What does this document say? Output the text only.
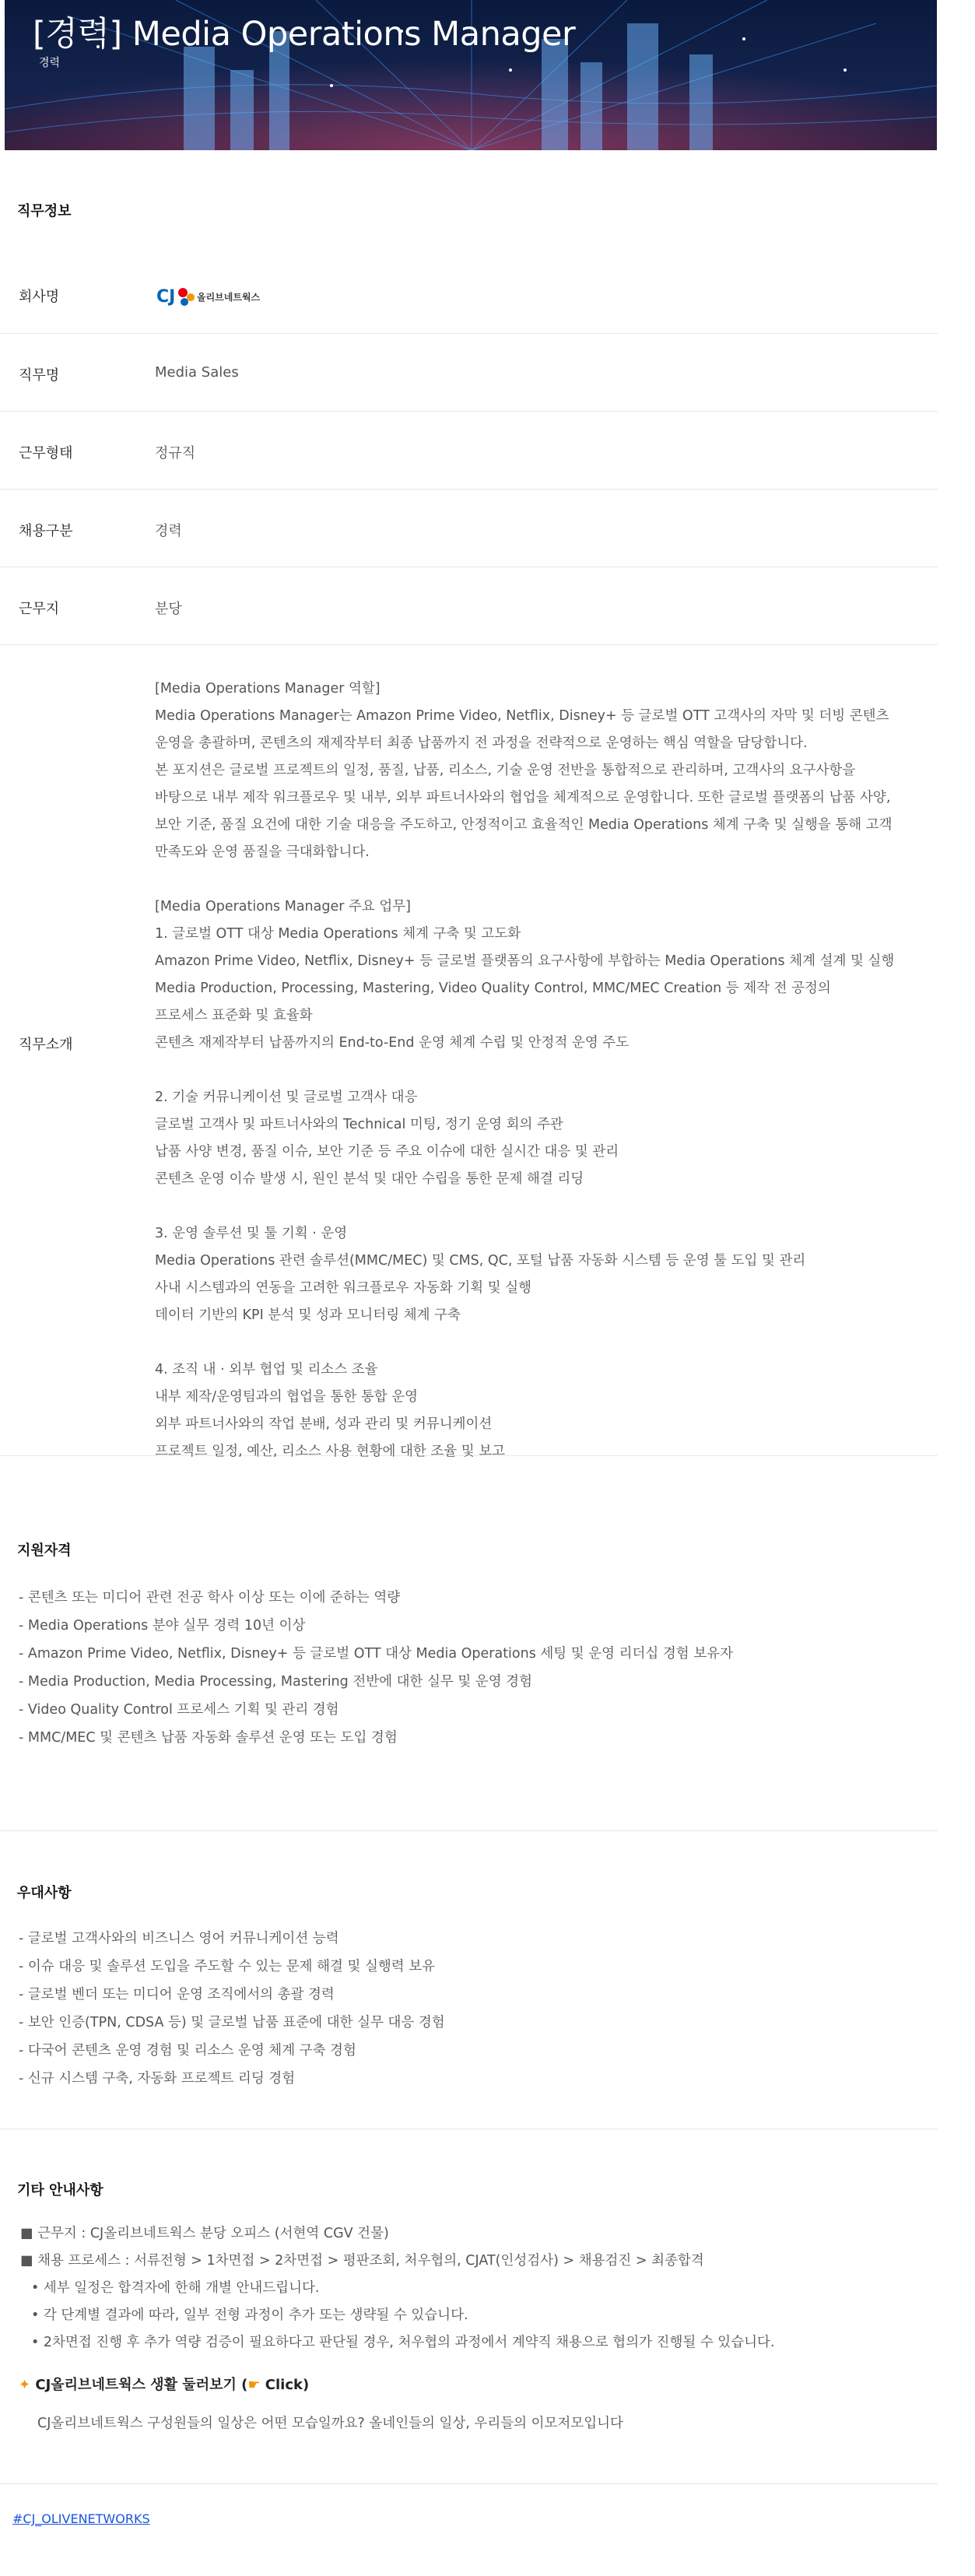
[경력] Media Operations Manager
경력
직무정보
회사명	CJ 올리브네트웍스
직무명	Media Sales
근무형태	정규직
채용구분	경력
근무지	분당
직무소개

[Media Operations Manager 역할]

Media Operations Manager는 Amazon Prime Video, Netflix, Disney+ 등 글로벌 OTT 고객사의 자막 및 더빙 콘텐츠

운영을 총괄하며, 콘텐츠의 재제작부터 최종 납품까지 전 과정을 전략적으로 운영하는 핵심 역할을 담당합니다.

본 포지션은 글로벌 프로젝트의 일정, 품질, 납품, 리소스, 기술 운영 전반을 통합적으로 관리하며, 고객사의 요구사항을

바탕으로 내부 제작 워크플로우 및 내부, 외부 파트너사와의 협업을 체계적으로 운영합니다. 또한 글로벌 플랫폼의 납품 사양,

보안 기준, 품질 요건에 대한 기술 대응을 주도하고, 안정적이고 효율적인 Media Operations 체계 구축 및 실행을 통해 고객

만족도와 운영 품질을 극대화합니다.

[Media Operations Manager 주요 업무]

1. 글로벌 OTT 대상 Media Operations 체계 구축 및 고도화

Amazon Prime Video, Netflix, Disney+ 등 글로벌 플랫폼의 요구사항에 부합하는 Media Operations 체계 설계 및 실행

Media Production, Processing, Mastering, Video Quality Control, MMC/MEC Creation 등 제작 전 공정의

프로세스 표준화 및 효율화

콘텐츠 재제작부터 납품까지의 End-to-End 운영 체계 수립 및 안정적 운영 주도

2. 기술 커뮤니케이션 및 글로벌 고객사 대응

글로벌 고객사 및 파트너사와의 Technical 미팅, 정기 운영 회의 주관

납품 사양 변경, 품질 이슈, 보안 기준 등 주요 이슈에 대한 실시간 대응 및 관리

콘텐츠 운영 이슈 발생 시, 원인 분석 및 대안 수립을 통한 문제 해결 리딩

3. 운영 솔루션 및 툴 기획 · 운영

Media Operations 관련 솔루션(MMC/MEC) 및 CMS, QC, 포털 납품 자동화 시스템 등 운영 툴 도입 및 관리

사내 시스템과의 연동을 고려한 워크플로우 자동화 기획 및 실행

데이터 기반의 KPI 분석 및 성과 모니터링 체계 구축

4. 조직 내 · 외부 협업 및 리소스 조율

내부 제작/운영팀과의 협업을 통한 통합 운영

외부 파트너사와의 작업 분배, 성과 관리 및 커뮤니케이션

프로젝트 일정, 예산, 리소스 사용 현황에 대한 조율 및 보고

지원자격

- 콘텐츠 또는 미디어 관련 전공 학사 이상 또는 이에 준하는 역량

- Media Operations 분야 실무 경력 10년 이상

- Amazon Prime Video, Netflix, Disney+ 등 글로벌 OTT 대상 Media Operations 세팅 및 운영 리더십 경험 보유자

- Media Production, Media Processing, Mastering 전반에 대한 실무 및 운영 경험

- Video Quality Control 프로세스 기획 및 관리 경험

- MMC/MEC 및 콘텐츠 납품 자동화 솔루션 운영 또는 도입 경험

우대사항

- 글로벌 고객사와의 비즈니스 영어 커뮤니케이션 능력

- 이슈 대응 및 솔루션 도입을 주도할 수 있는 문제 해결 및 실행력 보유

- 글로벌 벤더 또는 미디어 운영 조직에서의 총괄 경력

- 보안 인증(TPN, CDSA 등) 및 글로벌 납품 표준에 대한 실무 대응 경험

- 다국어 콘텐츠 운영 경험 및 리소스 운영 체계 구축 경험

- 신규 시스템 구축, 자동화 프로젝트 리딩 경험

기타 안내사항

■ 근무지 : CJ올리브네트웍스 분당 오피스 (서현역 CGV 건물)

■ 채용 프로세스 : 서류전형 > 1차면접 > 2차면접 > 평판조회, 처우협의, CJAT(인성검사) > 채용검진 > 최종합격

• 세부 일정은 합격자에 한해 개별 안내드립니다.

• 각 단계별 결과에 따라, 일부 전형 과정이 추가 또는 생략될 수 있습니다.

• 2차면접 진행 후 추가 역량 검증이 필요하다고 판단될 경우, 처우협의 과정에서 계약직 채용으로 협의가 진행될 수 있습니다.

✦ CJ올리브네트웍스 생활 둘러보기 (☛ Click)
CJ올리브네트웍스 구성원들의 일상은 어떤 모습일까요? 올네인들의 일상, 우리들의 이모저모입니다
#CJ_OLIVENETWORKS
